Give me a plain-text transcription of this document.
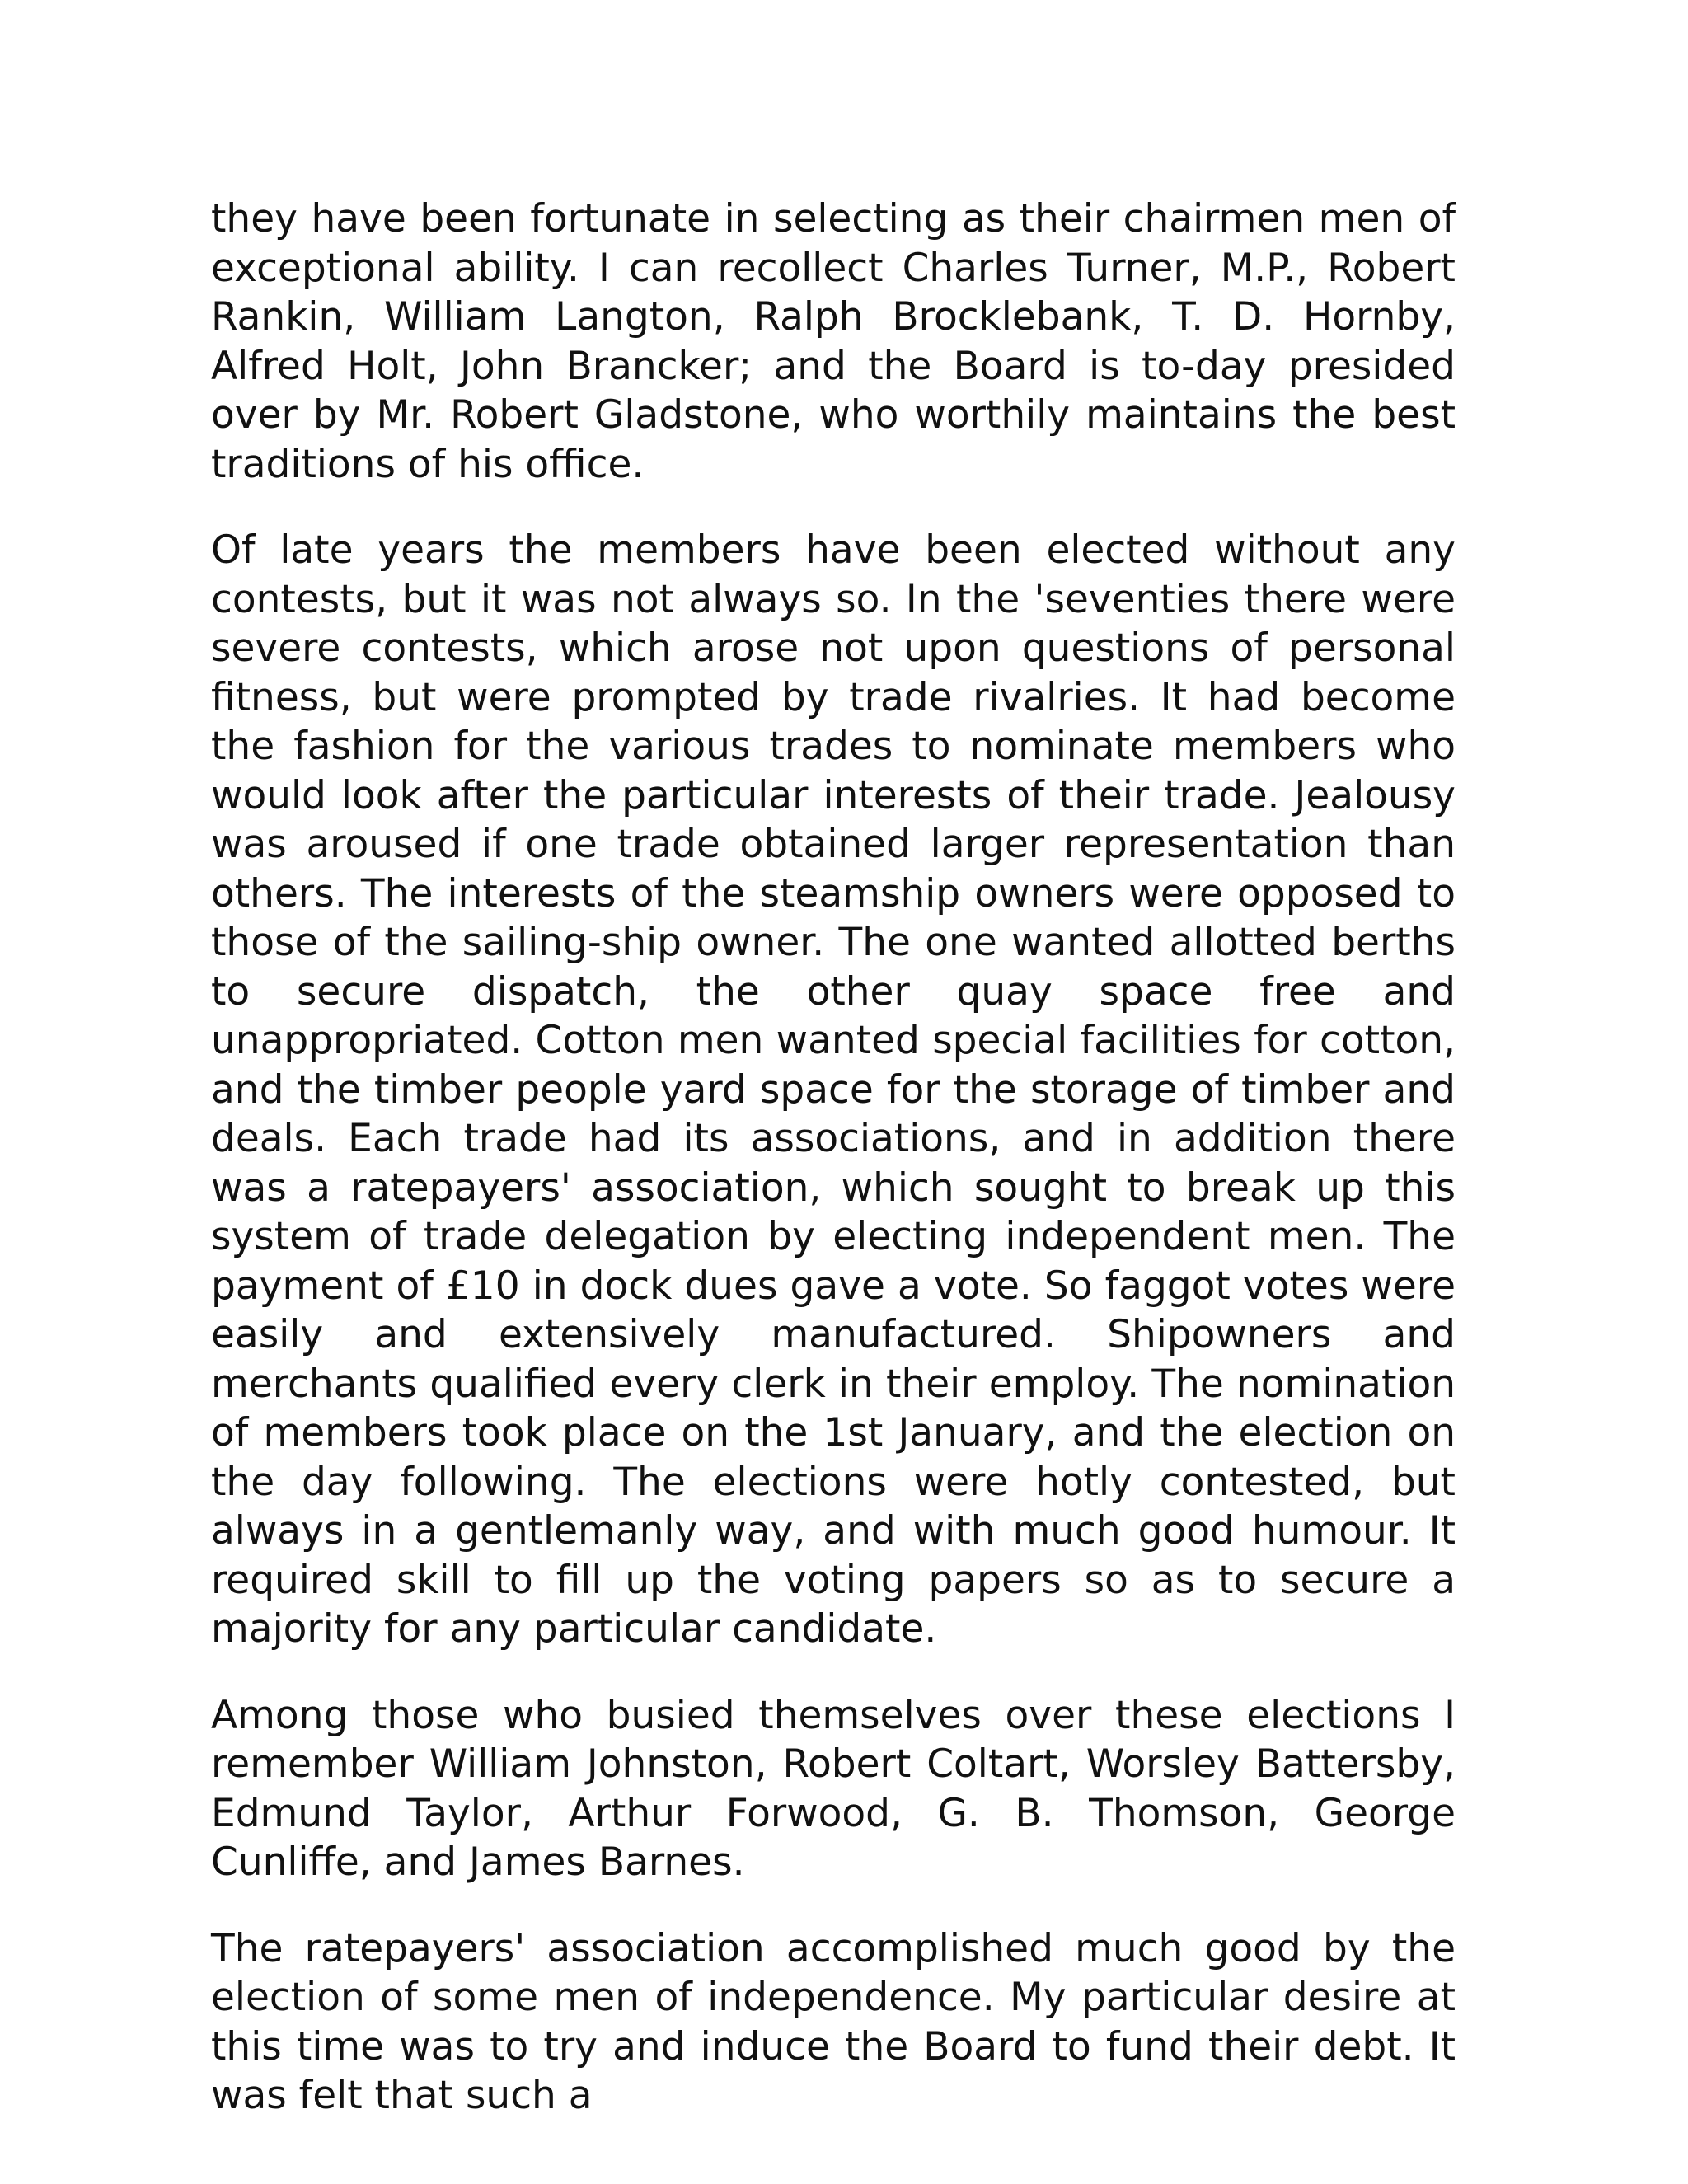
they have been fortunate in selecting as their chairmen men of exceptional ability. I can recollect Charles Turner, M.P., Robert Rankin, William Langton, Ralph Brocklebank, T. D. Hornby, Alfred Holt, John Brancker; and the Board is to-day presided over by Mr. Robert Gladstone, who worthily maintains the best traditions of his office.

Of late years the members have been elected without any contests, but it was not always so. In the 'seventies there were severe contests, which arose not upon questions of personal fitness, but were prompted by trade rivalries. It had become the fashion for the various trades to nominate members who would look after the particular interests of their trade. Jealousy was aroused if one trade obtained larger representation than others. The interests of the steamship owners were opposed to those of the sailing-ship owner. The one wanted allotted berths to secure dispatch, the other quay space free and unappropriated. Cotton men wanted special facilities for cotton, and the timber people yard space for the storage of timber and deals. Each trade had its associations, and in addition there was a ratepayers' association, which sought to break up this system of trade delegation by electing independent men. The payment of £10 in dock dues gave a vote. So faggot votes were easily and extensively manufactured. Shipowners and merchants qualified every clerk in their employ. The nomination of members took place on the 1st January, and the election on the day following. The elections were hotly contested, but always in a gentlemanly way, and with much good humour. It required skill to fill up the voting papers so as to secure a majority for any particular candidate.

Among those who busied themselves over these elections I remember William Johnston, Robert Coltart, Worsley Battersby, Edmund Taylor, Arthur Forwood, G. B. Thomson, George Cunliffe, and James Barnes.

The ratepayers' association accomplished much good by the election of some men of independence. My particular desire at this time was to try and induce the Board to fund their debt. It was felt that such a
